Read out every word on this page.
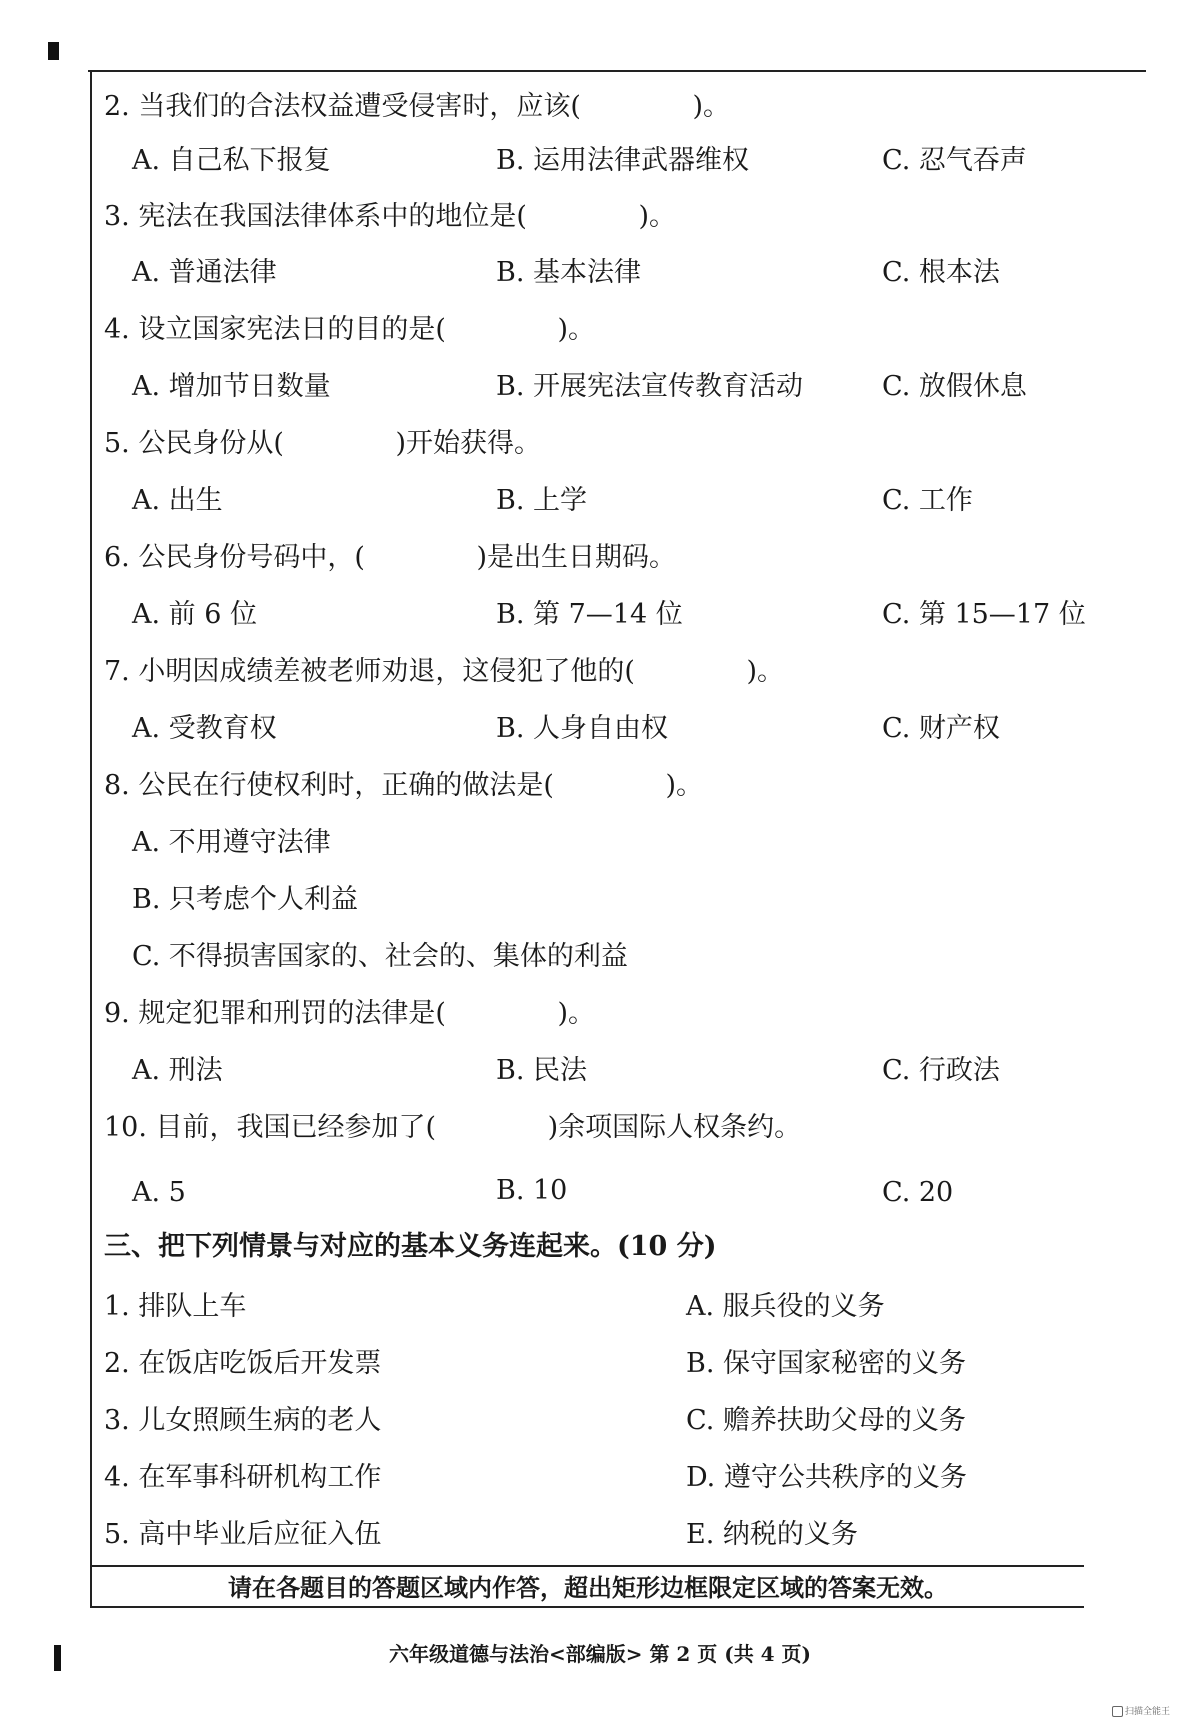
2. 当我们的合法权益遭受侵害时，应该(             )。
A. 自己私下报复	B. 运用法律武器维权	C. 忍气吞声
3. 宪法在我国法律体系中的地位是(             )。
A. 普通法律	B. 基本法律	C. 根本法
4. 设立国家宪法日的目的是(             )。
A. 增加节日数量	B. 开展宪法宣传教育活动	C. 放假休息
5. 公民身份从(             )开始获得。
A. 出生	B. 上学	C. 工作
6. 公民身份号码中，(             )是出生日期码。
A. 前 6 位	B. 第 7—14 位	C. 第 15—17 位
7. 小明因成绩差被老师劝退，这侵犯了他的(             )。
A. 受教育权	B. 人身自由权	C. 财产权
8. 公民在行使权利时，正确的做法是(             )。
A. 不用遵守法律
B. 只考虑个人利益
C. 不得损害国家的、社会的、集体的利益
9. 规定犯罪和刑罚的法律是(             )。
A. 刑法	B. 民法	C. 行政法
10. 目前，我国已经参加了(             )余项国际人权条约。
A. 5	B. 10	C. 20
三、把下列情景与对应的基本义务连起来。(10 分)
1. 排队上车	A. 服兵役的义务
2. 在饭店吃饭后开发票	B. 保守国家秘密的义务
3. 儿女照顾生病的老人	C. 赡养扶助父母的义务
4. 在军事科研机构工作	D. 遵守公共秩序的义务
5. 高中毕业后应征入伍	E. 纳税的义务
请在各题目的答题区域内作答，超出矩形边框限定区域的答案无效。
六年级道德与法治<部编版> 第 2 页 (共 4 页)
扫描全能王
